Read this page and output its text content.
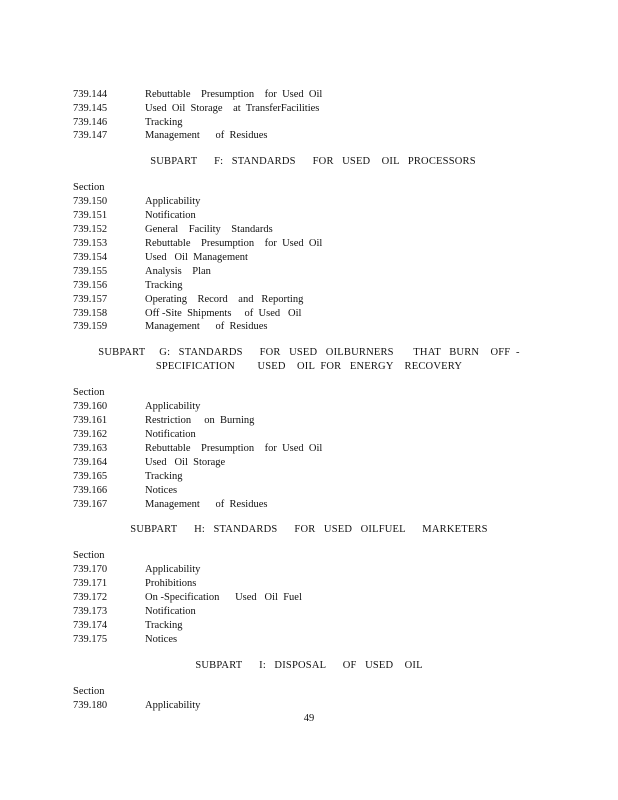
739.144	Rebuttable    Presumption    for  Used  Oil
739.145	Used  Oil  Storage    at  TransferFacilities
739.146	Tracking
739.147	Management      of  Residues
SUBPART      F:   STANDARDS      FOR   USED    OIL   PROCESSORS
Section
739.150	Applicability
739.151	Notification
739.152	General    Facility    Standards
739.153	Rebuttable    Presumption    for  Used  Oil
739.154	Used   Oil  Management
739.155	Analysis    Plan
739.156	Tracking
739.157	Operating    Record    and   Reporting
739.158	Off -Site  Shipments     of  Used   Oil
739.159	Management      of  Residues
SUBPART     G:   STANDARDS      FOR   USED   OILBURNERS       THAT   BURN    OFF  -
SPECIFICATION        USED    OIL  FOR   ENERGY    RECOVERY
Section
739.160	Applicability
739.161	Restriction     on  Burning
739.162	Notification
739.163	Rebuttable    Presumption    for  Used  Oil
739.164	Used   Oil  Storage
739.165	Tracking
739.166	Notices
739.167	Management      of  Residues
SUBPART      H:   STANDARDS      FOR   USED   OILFUEL      MARKETERS
Section
739.170	Applicability
739.171	Prohibitions
739.172	On -Specification      Used   Oil  Fuel
739.173	Notification
739.174	Tracking
739.175	Notices
SUBPART      I:   DISPOSAL      OF   USED    OIL
Section
739.180	Applicability
49
